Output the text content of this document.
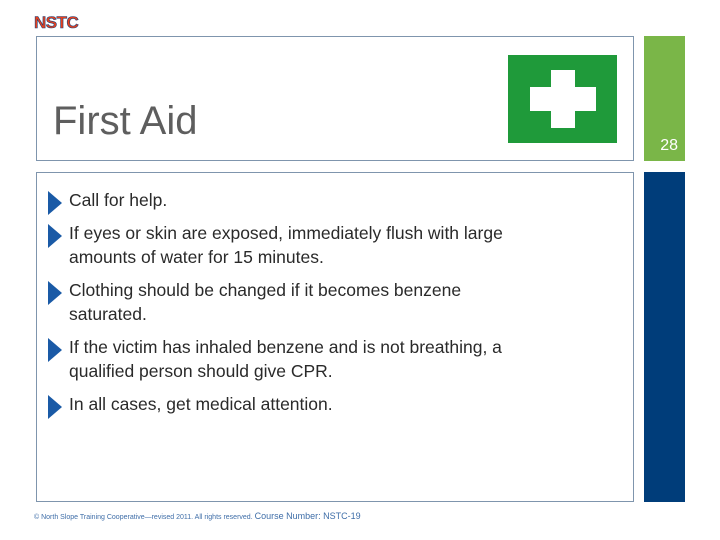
NSTC
First Aid
28
Call for help.
If eyes or skin are exposed, immediately flush with large amounts of water for 15 minutes.
Clothing should be changed if it becomes benzene saturated.
If the victim has inhaled benzene and is not breathing, a qualified person should give CPR.
In all cases, get medical attention.
© North Slope Training Cooperative—revised 2011. All rights reserved. Course Number: NSTC-19
